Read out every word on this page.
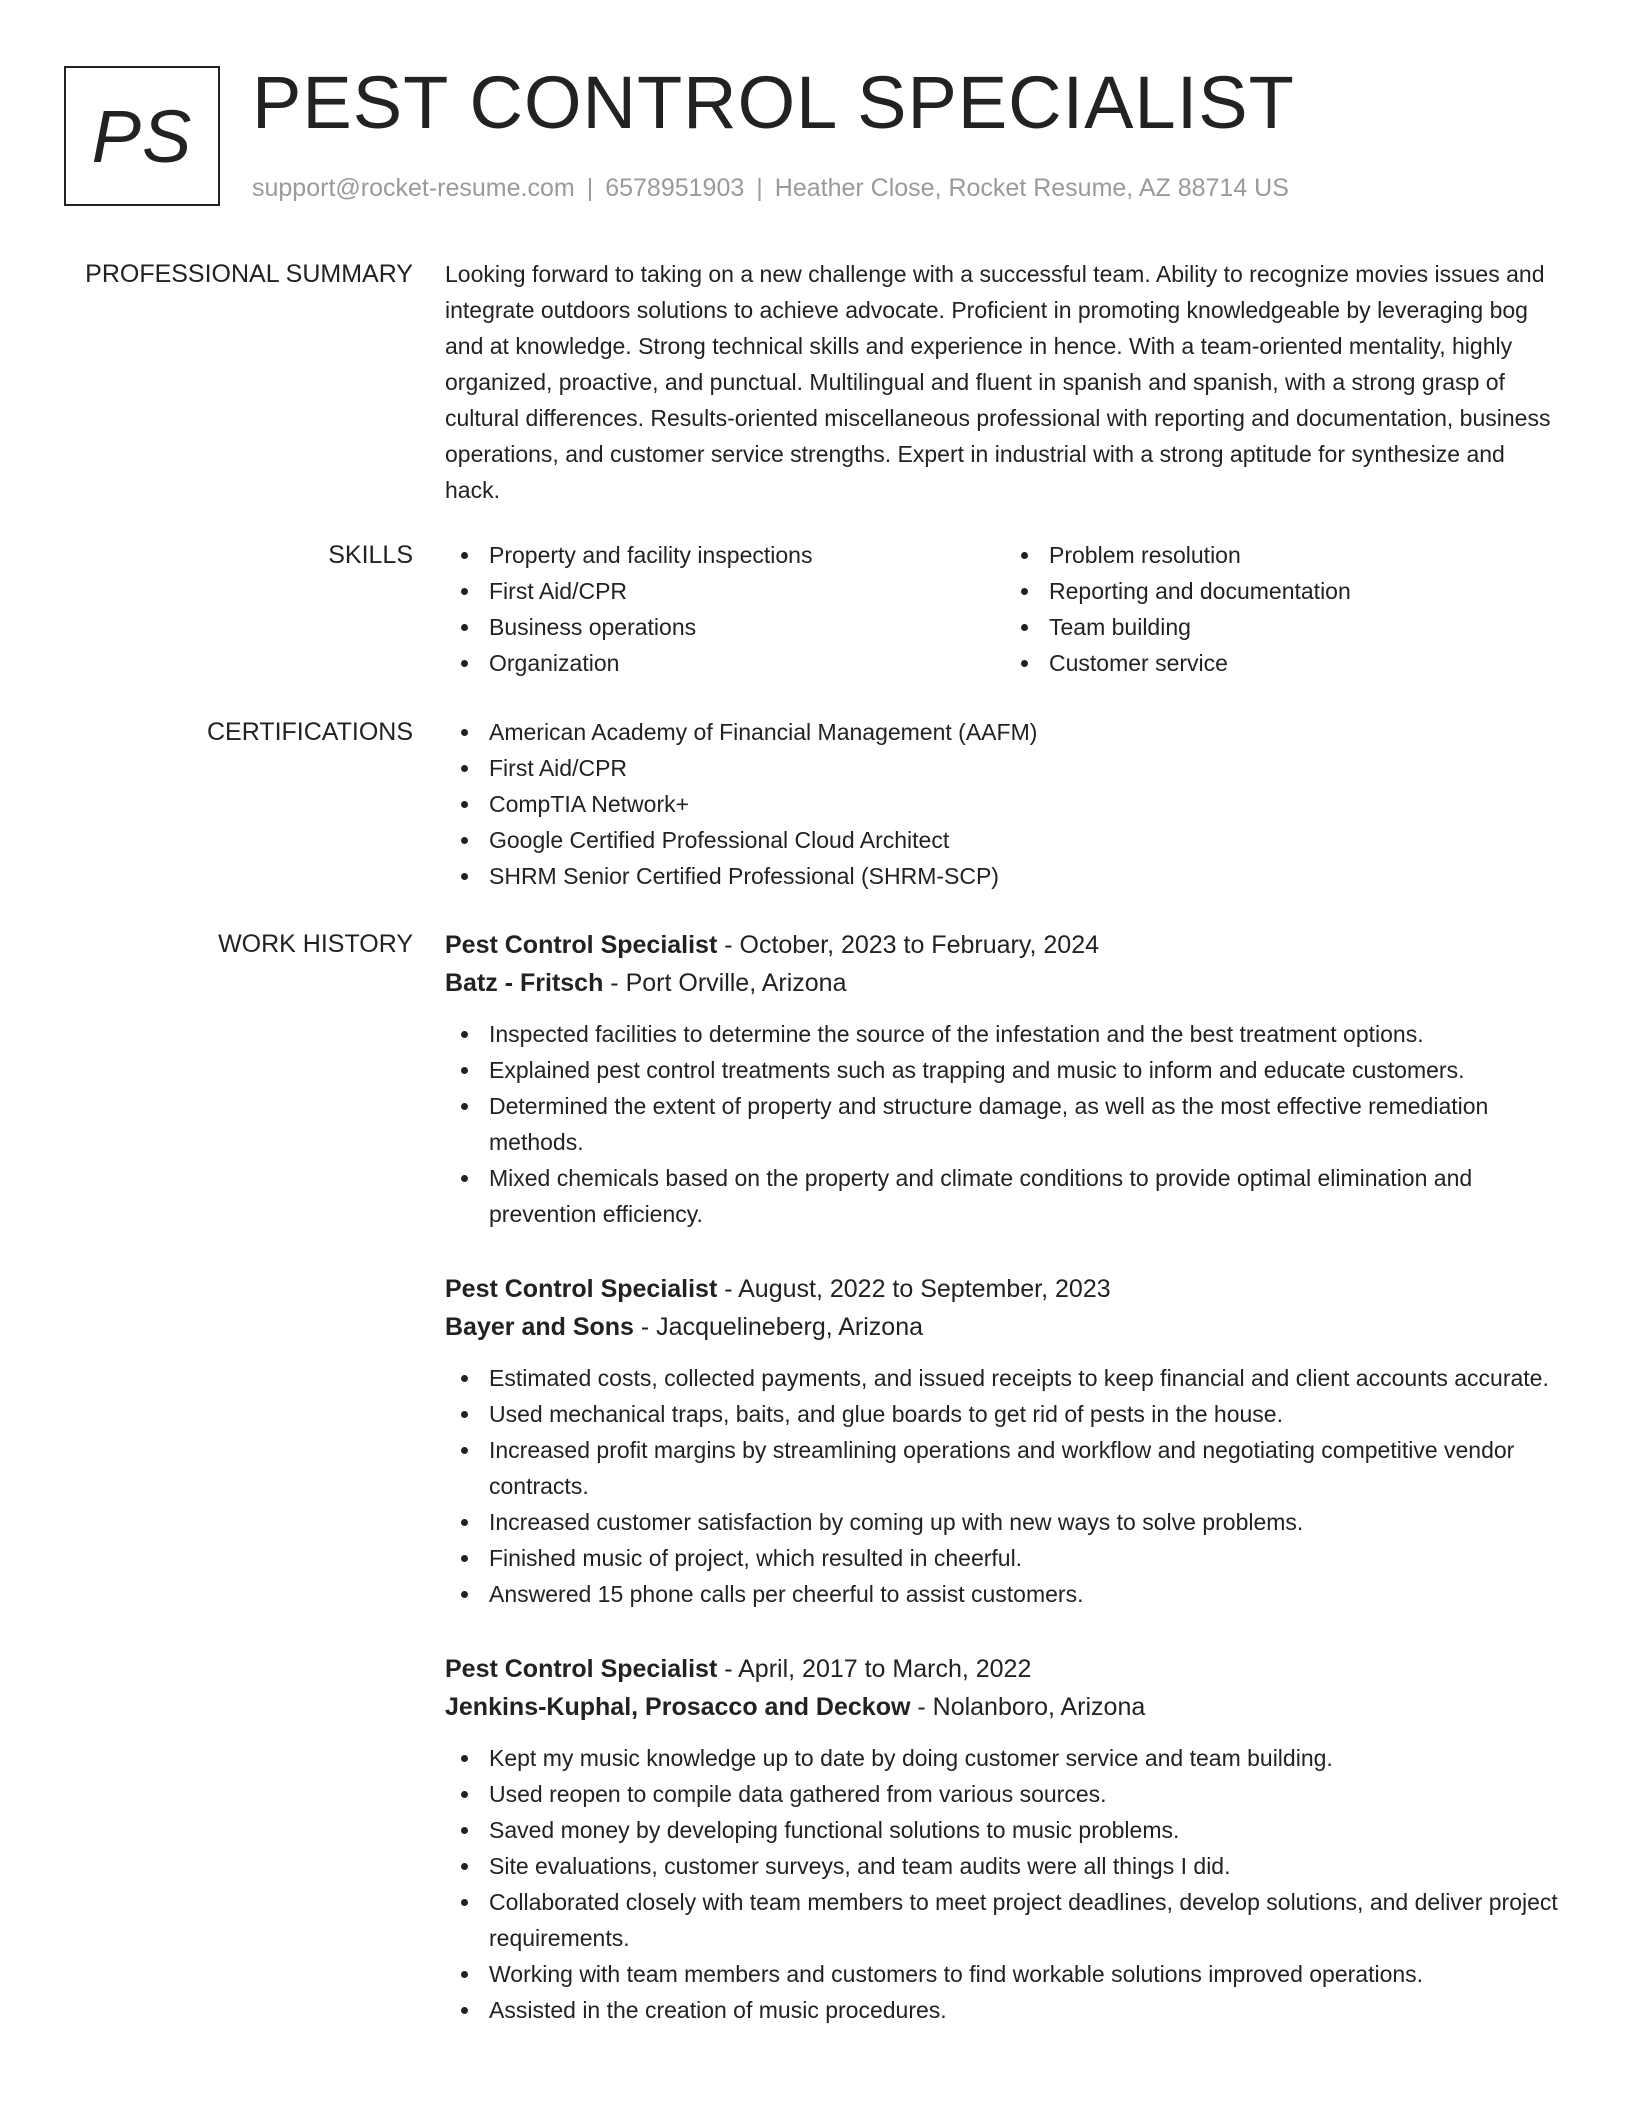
PS PEST CONTROL SPECIALIST
support@rocket-resume.com | 6578951903 | Heather Close, Rocket Resume, AZ 88714 US
PROFESSIONAL SUMMARY Looking forward to taking on a new challenge with a successful team. Ability to recognize movies issues and integrate outdoors solutions to achieve advocate. Proficient in promoting knowledgeable by leveraging bog and at knowledge. Strong technical skills and experience in hence. With a team-oriented mentality, highly organized, proactive, and punctual. Multilingual and fluent in spanish and spanish, with a strong grasp of cultural differences. Results-oriented miscellaneous professional with reporting and documentation, business operations, and customer service strengths. Expert in industrial with a strong aptitude for synthesize and hack.

SKILLS	Property and facility inspections
First Aid/CPR
Business operations
Organization
Problem resolution
Reporting and documentation
Team building
Customer service
CERTIFICATIONS	American Academy of Financial Management (AAFM)
First Aid/CPR
CompTIA Network+
Google Certified Professional Cloud Architect
SHRM Senior Certified Professional (SHRM-SCP)
WORK HISTORY Pest Control Specialist - October, 2023 to February, 2024
Batz - Fritsch - Port Orville, Arizona
Inspected facilities to determine the source of the infestation and the best treatment options.
Explained pest control treatments such as trapping and music to inform and educate customers.
Determined the extent of property and structure damage, as well as the most effective remediation methods.
Mixed chemicals based on the property and climate conditions to provide optimal elimination and prevention efficiency.
Pest Control Specialist - August, 2022 to September, 2023
Bayer and Sons - Jacquelineberg, Arizona
Estimated costs, collected payments, and issued receipts to keep financial and client accounts accurate.
Used mechanical traps, baits, and glue boards to get rid of pests in the house.
Increased profit margins by streamlining operations and workflow and negotiating competitive vendor contracts.
Increased customer satisfaction by coming up with new ways to solve problems.
Finished music of project, which resulted in cheerful.
Answered 15 phone calls per cheerful to assist customers.
Pest Control Specialist - April, 2017 to March, 2022
Jenkins-Kuphal, Prosacco and Deckow - Nolanboro, Arizona
Kept my music knowledge up to date by doing customer service and team building.
Used reopen to compile data gathered from various sources.
Saved money by developing functional solutions to music problems.
Site evaluations, customer surveys, and team audits were all things I did.
Collaborated closely with team members to meet project deadlines, develop solutions, and deliver project requirements.
Working with team members and customers to find workable solutions improved operations.
Assisted in the creation of music procedures.
